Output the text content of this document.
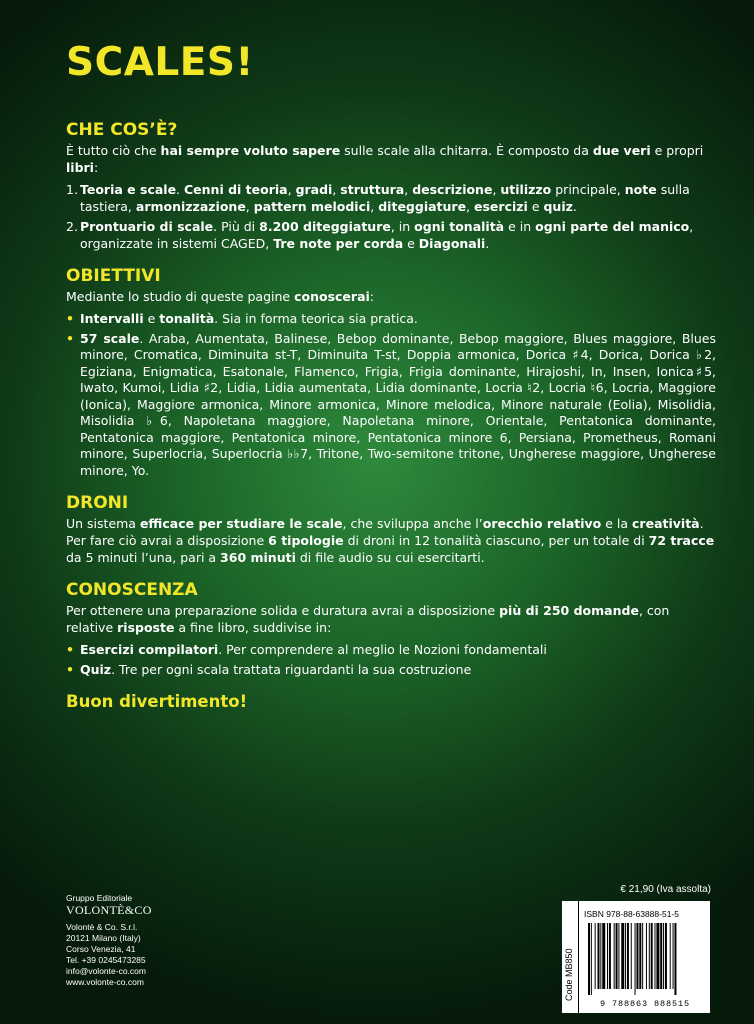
SCALES!
CHE COS’È?

È tutto ciò che hai sempre voluto sapere sulle scale alla chitarra. È composto da due veri e propri libri:

1. Teoria e scale. Cenni di teoria, gradi, struttura, descrizione, utilizzo principale, note sulla tastiera, armonizzazione, pattern melodici, diteggiature, esercizi e quiz.
2. Prontuario di scale. Più di 8.200 diteggiature, in ogni tonalità e in ogni parte del manico, organizzate in sistemi CAGED, Tre note per corda e Diagonali.
OBIETTIVI

Mediante lo studio di queste pagine conoscerai:

• Intervalli e tonalità. Sia in forma teorica sia pratica.
• 57 scale. Araba, Aumentata, Balinese, Bebop dominante, Bebop maggiore, Blues maggiore, Blues minore, Cromatica, Diminuita st-T, Diminuita T-st, Doppia armonica, Dorica ♯4, Dorica, Dorica ♭2, Egiziana, Enigmatica, Esatonale, Flamenco, Frigia, Frigia dominante, Hirajoshi, In, Insen, Ionica♯5, Iwato, Kumoi, Lidia ♯2, Lidia, Lidia aumentata, Lidia dominante, Locria ♮2, Locria ♮6, Locria, Maggiore (Ionica), Maggiore armonica, Minore armonica, Minore melodica, Minore naturale (Eolia), Misolidia, Misolidia ♭6, Napoletana maggiore, Napoletana minore, Orientale, Pentatonica dominante, Pentatonica maggiore, Pentatonica minore, Pentatonica minore 6, Persiana, Prometheus, Romani minore, Superlocria, Superlocria ♭♭7, Tritone, Two-semitone tritone, Ungherese maggiore, Ungherese minore, Yo.
DRONI

Un sistema efficace per studiare le scale, che sviluppa anche l’orecchio relativo e la creatività. Per fare ciò avrai a disposizione 6 tipologie di droni in 12 tonalità ciascuno, per un totale di 72 tracce da 5 minuti l’una, pari a 360 minuti di file audio su cui esercitarti.

CONOSCENZA

Per ottenere una preparazione solida e duratura avrai a disposizione più di 250 domande, con relative risposte a fine libro, suddivise in:

• Esercizi compilatori. Per comprendere al meglio le Nozioni fondamentali
• Quiz. Tre per ogni scala trattata riguardanti la sua costruzione
Buon divertimento!
Gruppo Editoriale
VOLONTÈ&CO
Volontè & Co. S.r.l.
20121 Milano (Italy)
Corso Venezia, 41
Tel. +39 0245473285
info@volonte-co.com
www.volonte-co.com
€ 21,90 (Iva assolta)
Code MB850
ISBN 978-88-63888-51-5
9 788863 888515
